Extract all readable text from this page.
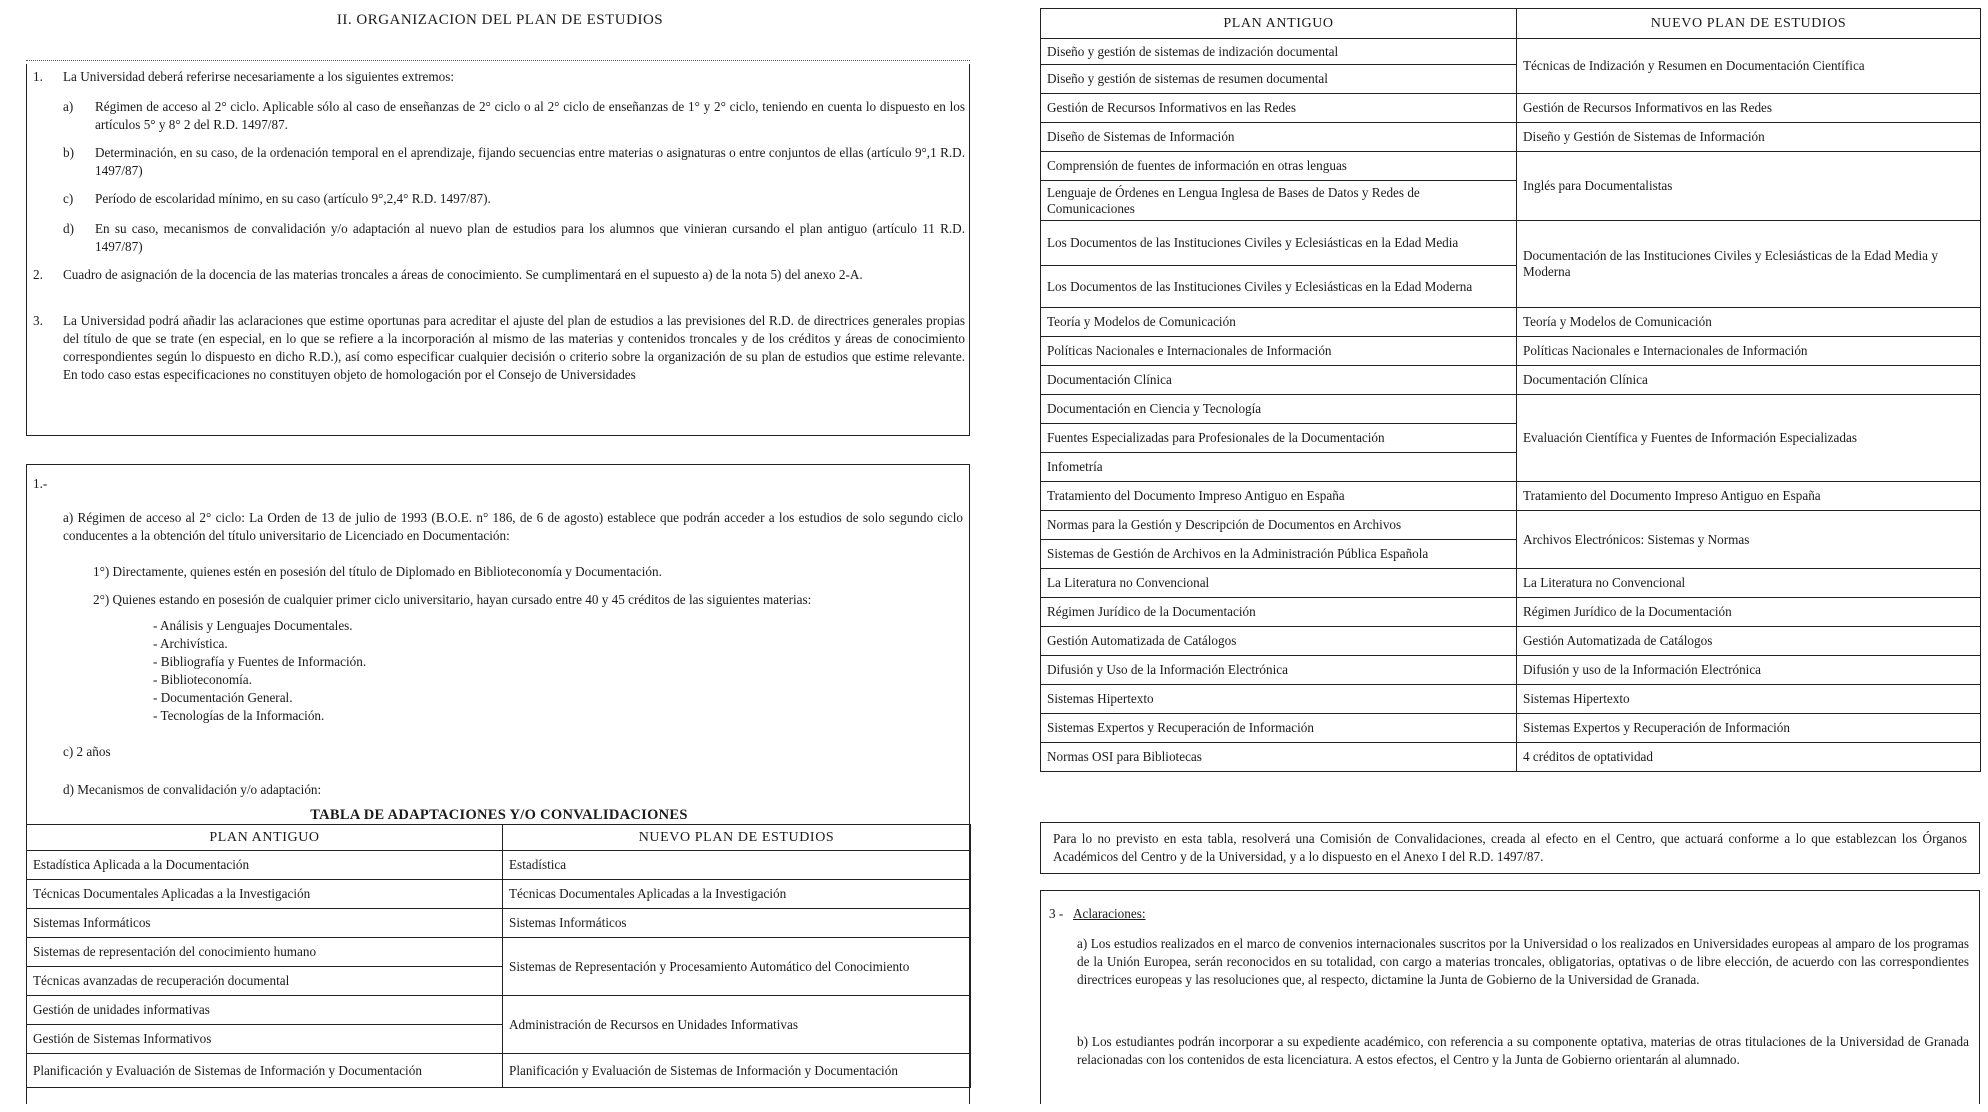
II. ORGANIZACION DEL PLAN DE ESTUDIOS
1. La Universidad deberá referirse necesariamente a los siguientes extremos:
a) Régimen de acceso al 2° ciclo. Aplicable sólo al caso de enseñanzas de 2° ciclo o al 2° ciclo de enseñanzas de 1° y 2° ciclo, teniendo en cuenta lo dispuesto en los artículos 5° y 8° 2 del R.D. 1497/87.
b) Determinación, en su caso, de la ordenación temporal en el aprendizaje, fijando secuencias entre materias o asignaturas o entre conjuntos de ellas (artículo 9°,1 R.D. 1497/87)
c) Período de escolaridad mínimo, en su caso (artículo 9°,2,4° R.D. 1497/87).
d) En su caso, mecanismos de convalidación y/o adaptación al nuevo plan de estudios para los alumnos que vinieran cursando el plan antiguo (artículo 11 R.D. 1497/87)
2. Cuadro de asignación de la docencia de las materias troncales a áreas de conocimiento. Se cumplimentará en el supuesto a) de la nota 5) del anexo 2-A.
3. La Universidad podrá añadir las aclaraciones que estime oportunas para acreditar el ajuste del plan de estudios a las previsiones del R.D. de directrices generales propias del título de que se trate (en especial, en lo que se refiere a la incorporación al mismo de las materias y contenidos troncales y de los créditos y áreas de conocimiento correspondientes según lo dispuesto en dicho R.D.), así como especificar cualquier decisión o criterio sobre la organización de su plan de estudios que estime relevante. En todo caso estas especificaciones no constituyen objeto de homologación por el Consejo de Universidades
1.-
a) Régimen de acceso al 2° ciclo: La Orden de 13 de julio de 1993 (B.O.E. n° 186, de 6 de agosto) establece que podrán acceder a los estudios de solo segundo ciclo conducentes a la obtención del título universitario de Licenciado en Documentación:
1°) Directamente, quienes estén en posesión del título de Diplomado en Biblioteconomía y Documentación.
2°) Quienes estando en posesión de cualquier primer ciclo universitario, hayan cursado entre 40 y 45 créditos de las siguientes materias:
- Análisis y Lenguajes Documentales.
- Archivística.
- Bibliografía y Fuentes de Información.
- Biblioteconomía.
- Documentación General.
- Tecnologías de la Información.
c) 2 años
d) Mecanismos de convalidación y/o adaptación:
TABLA DE ADAPTACIONES Y/O CONVALIDACIONES
PLAN ANTIGUO	NUEVO PLAN DE ESTUDIOS
Estadística Aplicada a la Documentación	Estadística
Técnicas Documentales Aplicadas a la Investigación	Técnicas Documentales Aplicadas a la Investigación
Sistemas Informáticos	Sistemas Informáticos
Sistemas de representación del conocimiento humano	Sistemas de Representación y Procesamiento Automático del Conocimiento
Técnicas avanzadas de recuperación documental	
Gestión de unidades informativas	Administración de Recursos en Unidades Informativas
Gestión de Sistemas Informativos	
Planificación y Evaluación de Sistemas de Información y Documentación	Planificación y Evaluación de Sistemas de Información y Documentación
PLAN ANTIGUO	NUEVO PLAN DE ESTUDIOS
Diseño y gestión de sistemas de indización documental	Técnicas de Indización y Resumen en Documentación Científica
Diseño y gestión de sistemas de resumen documental	
Gestión de Recursos Informativos en las Redes	Gestión de Recursos Informativos en las Redes
Diseño de Sistemas de Información	Diseño y Gestión de Sistemas de Información
Comprensión de fuentes de información en otras lenguas	Inglés para Documentalistas
Lenguaje de Órdenes en Lengua Inglesa de Bases de Datos y Redes de Comunicaciones	
Los Documentos de las Instituciones Civiles y Eclesiásticas en la Edad Media	Documentación de las Instituciones Civiles y Eclesiásticas de la Edad Media y Moderna
Los Documentos de las Instituciones Civiles y Eclesiásticas en la Edad Moderna	
Teoría y Modelos de Comunicación	Teoría y Modelos de Comunicación
Políticas Nacionales e Internacionales de Información	Políticas Nacionales e Internacionales de Información
Documentación Clínica	Documentación Clínica
Documentación en Ciencia y Tecnología	Evaluación Científica y Fuentes de Información Especializadas
Fuentes Especializadas para Profesionales de la Documentación	
Infometría	
Tratamiento del Documento Impreso Antiguo en España	Tratamiento del Documento Impreso Antiguo en España
Normas para la Gestión y Descripción de Documentos en Archivos	Archivos Electrónicos: Sistemas y Normas
Sistemas de Gestión de Archivos en la Administración Pública Española	
La Literatura no Convencional	La Literatura no Convencional
Régimen Jurídico de la Documentación	Régimen Jurídico de la Documentación
Gestión Automatizada de Catálogos	Gestión Automatizada de Catálogos
Difusión y Uso de la Información Electrónica	Difusión y uso de la Información Electrónica
Sistemas Hipertexto	Sistemas Hipertexto
Sistemas Expertos y Recuperación de Información	Sistemas Expertos y Recuperación de Información
Normas OSI para Bibliotecas	4 créditos de optatividad
Para lo no previsto en esta tabla, resolverá una Comisión de Convalidaciones, creada al efecto en el Centro, que actuará conforme a lo que establezcan los Órganos Académicos del Centro y de la Universidad, y a lo dispuesto en el Anexo I del R.D. 1497/87.
3 - Aclaraciones:
a) Los estudios realizados en el marco de convenios internacionales suscritos por la Universidad o los realizados en Universidades europeas al amparo de los programas de la Unión Europea, serán reconocidos en su totalidad, con cargo a materias troncales, obligatorias, optativas o de libre elección, de acuerdo con las correspondientes directrices europeas y las resoluciones que, al respecto, dictamine la Junta de Gobierno de la Universidad de Granada.
b) Los estudiantes podrán incorporar a su expediente académico, con referencia a su componente optativa, materias de otras titulaciones de la Universidad de Granada relacionadas con los contenidos de esta licenciatura. A estos efectos, el Centro y la Junta de Gobierno orientarán al alumnado.
